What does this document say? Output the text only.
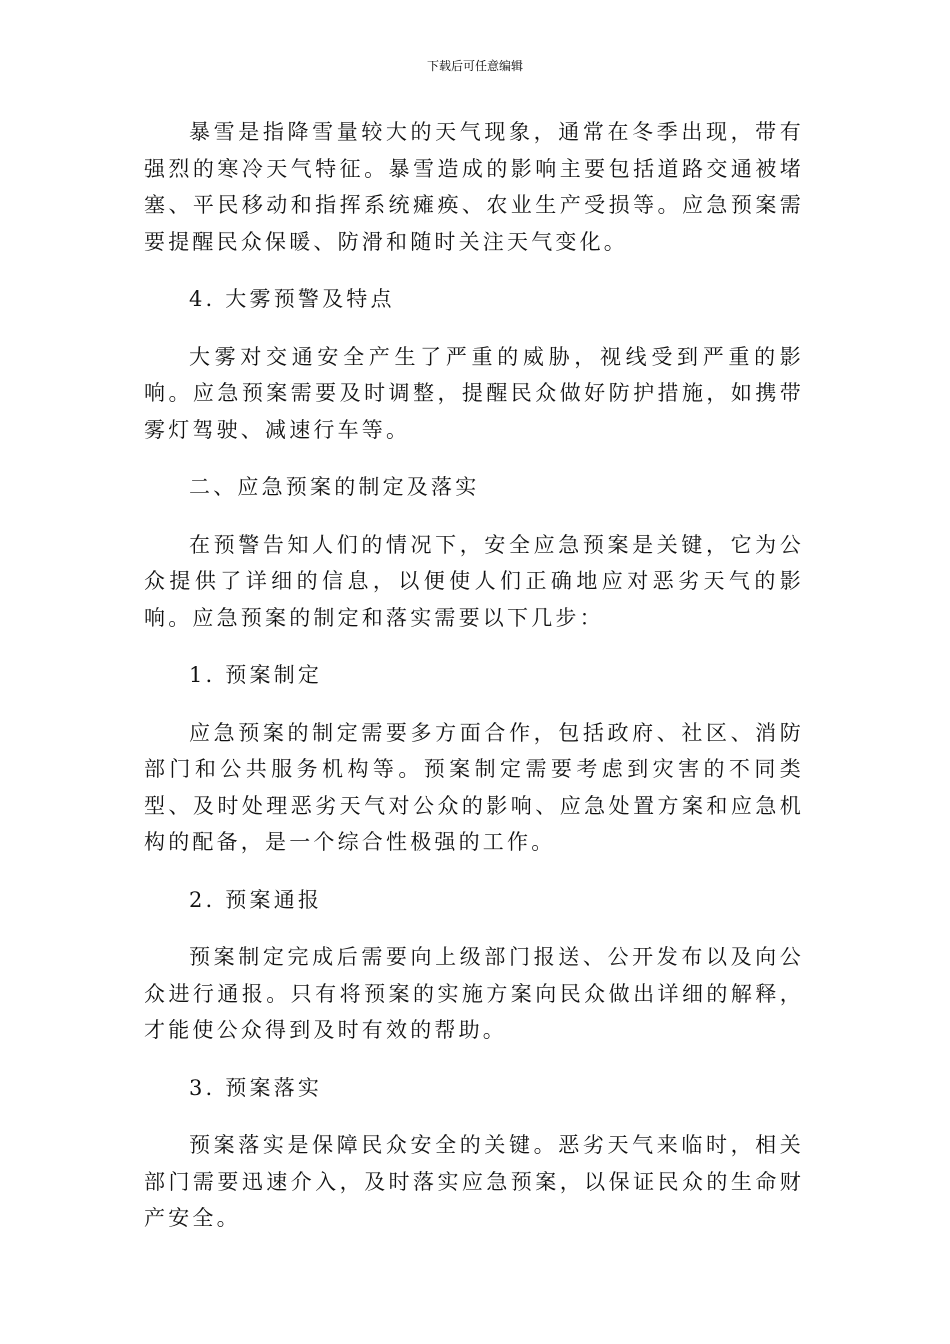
下载后可任意编辑

暴雪是指降雪量较大的天气现象，通常在冬季出现，带有强烈的寒冷天气特征。暴雪造成的影响主要包括道路交通被堵塞、平民移动和指挥系统瘫痪、农业生产受损等。应急预案需要提醒民众保暖、防滑和随时关注天气变化。

4. 大雾预警及特点

大雾对交通安全产生了严重的威胁，视线受到严重的影响。应急预案需要及时调整，提醒民众做好防护措施，如携带雾灯驾驶、减速行车等。

二、应急预案的制定及落实

在预警告知人们的情况下，安全应急预案是关键，它为公众提供了详细的信息，以便使人们正确地应对恶劣天气的影响。应急预案的制定和落实需要以下几步：

1. 预案制定

应急预案的制定需要多方面合作，包括政府、社区、消防部门和公共服务机构等。预案制定需要考虑到灾害的不同类型、及时处理恶劣天气对公众的影响、应急处置方案和应急机构的配备，是一个综合性极强的工作。

2. 预案通报

预案制定完成后需要向上级部门报送、公开发布以及向公众进行通报。只有将预案的实施方案向民众做出详细的解释，才能使公众得到及时有效的帮助。

3. 预案落实

预案落实是保障民众安全的关键。恶劣天气来临时，相关部门需要迅速介入，及时落实应急预案，以保证民众的生命财产安全。
